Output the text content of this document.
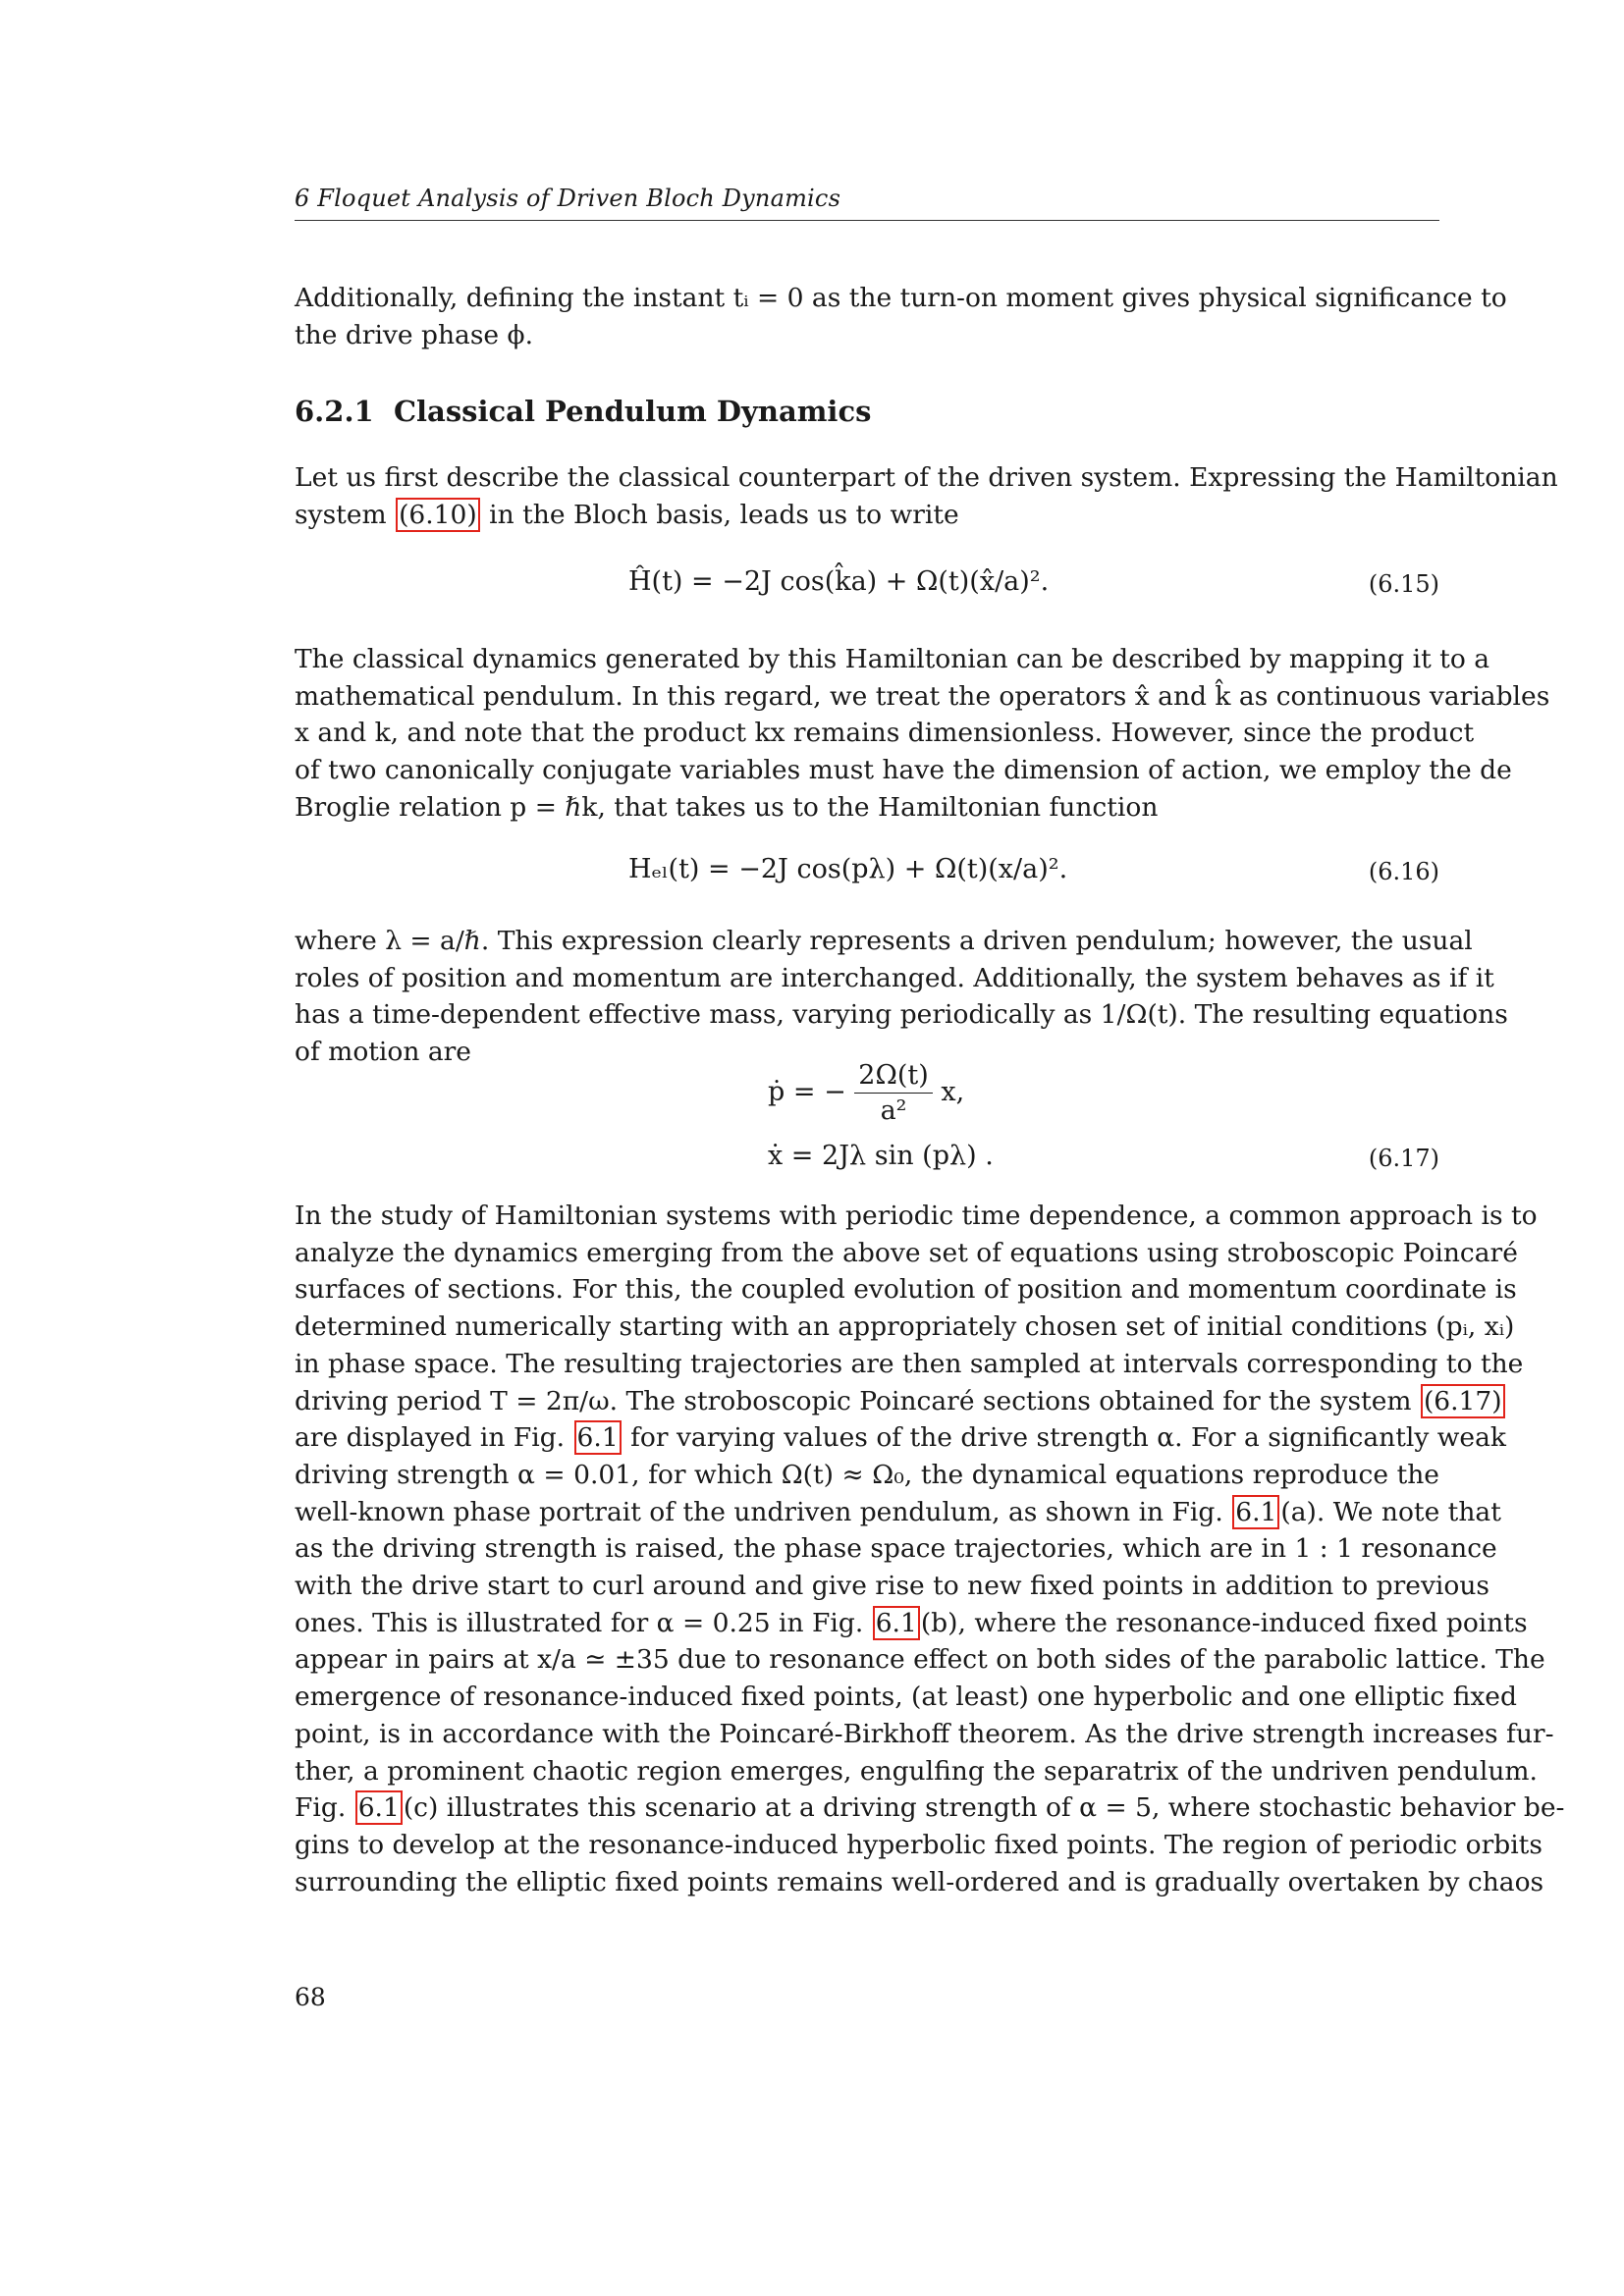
6 Floquet Analysis of Driven Bloch Dynamics
Additionally, defining the instant tᵢ = 0 as the turn-on moment gives physical significance to
the drive phase ϕ.
6.2.1 Classical Pendulum Dynamics
Let us first describe the classical counterpart of the driven system. Expressing the Hamiltonian
system (6.10) in the Bloch basis, leads us to write
Ĥ(t) = −2J cos(k̂a) + Ω(t)(x̂/a)².	(6.15)
The classical dynamics generated by this Hamiltonian can be described by mapping it to a
mathematical pendulum. In this regard, we treat the operators x̂ and k̂ as continuous variables
x and k, and note that the product kx remains dimensionless. However, since the product
of two canonically conjugate variables must have the dimension of action, we employ the de
Broglie relation p = ℏk, that takes us to the Hamiltonian function
Hₑₗ(t) = −2J cos(pλ) + Ω(t)(x/a)².	(6.16)
where λ = a/ℏ. This expression clearly represents a driven pendulum; however, the usual
roles of position and momentum are interchanged. Additionally, the system behaves as if it
has a time-dependent effective mass, varying periodically as 1/Ω(t). The resulting equations
of motion are
ṗ = − $\frac{2\Omega(t)}{\text{a²}} x$,
ẋ = 2Jλ sin (pλ) .	(6.17)
In the study of Hamiltonian systems with periodic time dependence, a common approach is to
analyze the dynamics emerging from the above set of equations using stroboscopic Poincaré
surfaces of sections. For this, the coupled evolution of position and momentum coordinate is
determined numerically starting with an appropriately chosen set of initial conditions (pᵢ, xᵢ)
in phase space. The resulting trajectories are then sampled at intervals corresponding to the
driving period T = 2π/ω. The stroboscopic Poincaré sections obtained for the system (6.17)
are displayed in Fig. 6.1 for varying values of the drive strength α. For a significantly weak
driving strength α = 0.01, for which Ω(t) ≈ Ω₀, the dynamical equations reproduce the
well-known phase portrait of the undriven pendulum, as shown in Fig. 6.1 (a). We note that
as the driving strength is raised, the phase space trajectories, which are in 1 : 1 resonance
with the drive start to curl around and give rise to new fixed points in addition to previous
ones. This is illustrated for α = 0.25 in Fig. 6.1 (b), where the resonance-induced fixed points
appear in pairs at x/a ≃ ±35 due to resonance effect on both sides of the parabolic lattice. The
emergence of resonance-induced fixed points, (at least) one hyperbolic and one elliptic fixed
point, is in accordance with the Poincaré-Birkhoff theorem. As the drive strength increases fur-
ther, a prominent chaotic region emerges, engulfing the separatrix of the undriven pendulum.
Fig. 6.1 (c) illustrates this scenario at a driving strength of α = 5, where stochastic behavior be-
gins to develop at the resonance-induced hyperbolic fixed points. The region of periodic orbits
surrounding the elliptic fixed points remains well-ordered and is gradually overtaken by chaos
68
